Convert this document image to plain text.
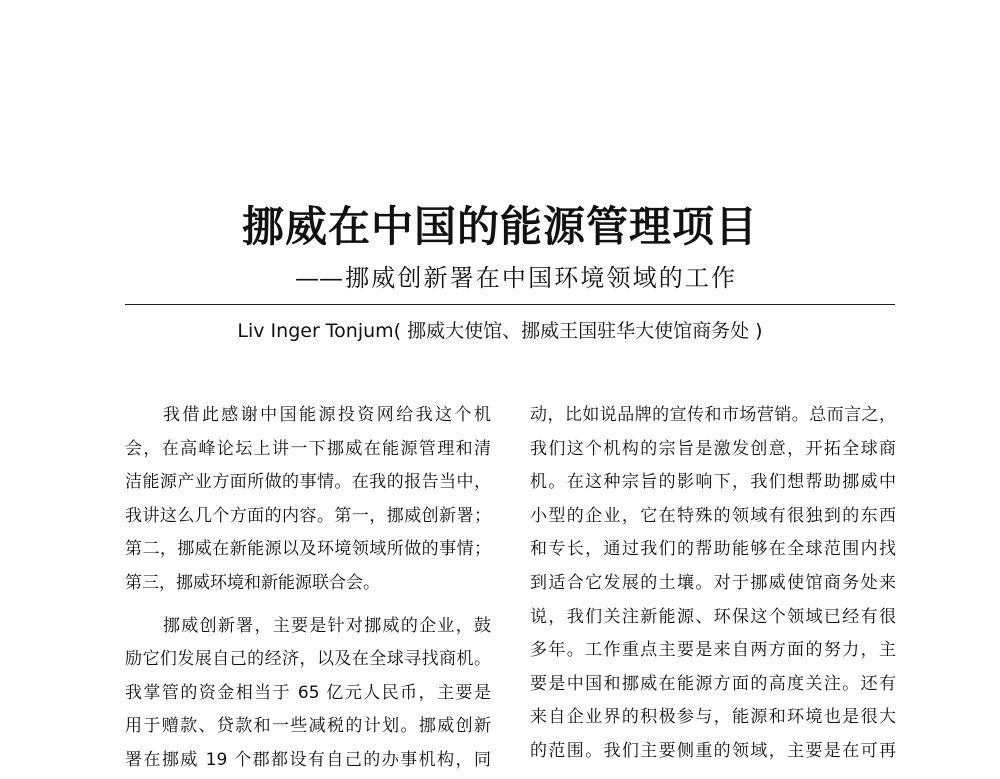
挪威在中国的能源管理项目
——挪威创新署在中国环境领域的工作
Liv Inger Tonjum( 挪威大使馆、挪威王国驻华大使馆商务处 )
我借此感谢中国能源投资网给我这个机
会，在高峰论坛上讲一下挪威在能源管理和清
洁能源产业方面所做的事情。在我的报告当中，
我讲这么几个方面的内容。第一，挪威创新署；
第二，挪威在新能源以及环境领域所做的事情；
第三，挪威环境和新能源联合会。
挪威创新署，主要是针对挪威的企业，鼓
励它们发展自己的经济，以及在全球寻找商机。
我掌管的资金相当于 65 亿元人民币，主要是
用于赠款、贷款和一些减税的计划。挪威创新
署在挪威 19 个郡都设有自己的办事机构，同
动，比如说品牌的宣传和市场营销。总而言之，
我们这个机构的宗旨是激发创意，开拓全球商
机。在这种宗旨的影响下，我们想帮助挪威中
小型的企业，它在特殊的领域有很独到的东西
和专长，通过我们的帮助能够在全球范围内找
到适合它发展的土壤。对于挪威使馆商务处来
说，我们关注新能源、环保这个领域已经有很
多年。工作重点主要是来自两方面的努力，主
要是中国和挪威在能源方面的高度关注。还有
来自企业界的积极参与，能源和环境也是很大
的范围。我们主要侧重的领域，主要是在可再
